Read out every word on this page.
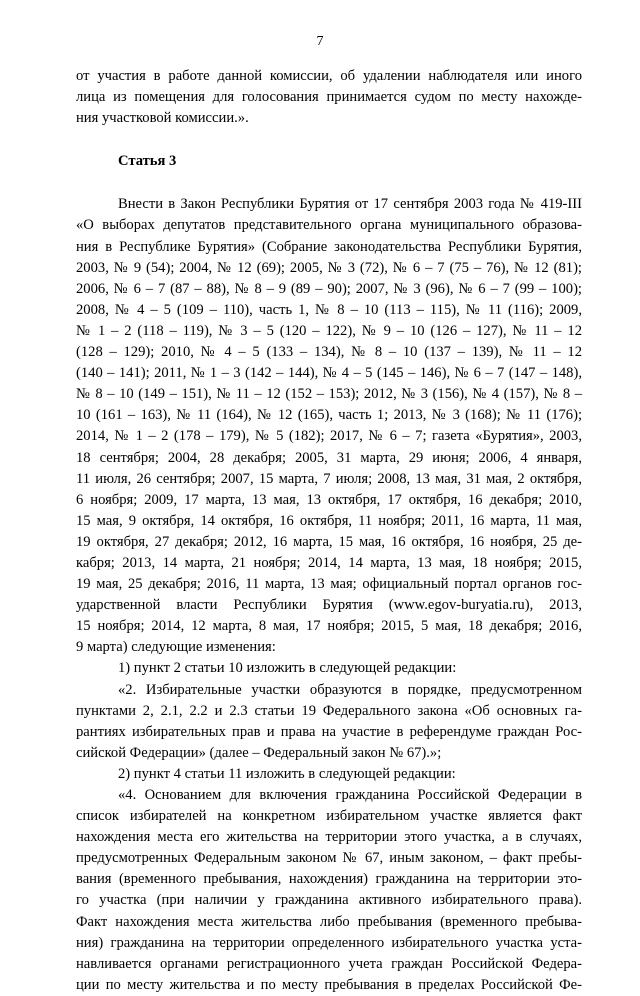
7
от участия в работе данной комиссии, об удалении наблюдателя или иного
лица из помещения для голосования принимается судом по месту нахожде-
ния участковой комиссии.».
Статья 3
Внести в Закон Республики Бурятия от 17 сентября 2003 года № 419-III
«О выборах депутатов представительного органа муниципального образова-
ния в Республике Бурятия» (Собрание законодательства Республики Бурятия,
2003, № 9 (54); 2004, № 12 (69); 2005, № 3 (72), № 6 – 7 (75 – 76), № 12 (81);
2006, № 6 – 7 (87 – 88), № 8 – 9 (89 – 90); 2007, № 3 (96), № 6 – 7 (99 – 100);
2008, № 4 – 5 (109 – 110), часть 1, № 8 – 10 (113 – 115), № 11 (116); 2009,
№ 1 – 2 (118 – 119), № 3 – 5 (120 – 122), № 9 – 10 (126 – 127), № 11 – 12
(128 – 129); 2010, № 4 – 5 (133 – 134), № 8 – 10 (137 – 139), № 11 – 12
(140 – 141); 2011, № 1 – 3 (142 – 144), № 4 – 5 (145 – 146), № 6 – 7 (147 – 148),
№ 8 – 10 (149 – 151), № 11 – 12 (152 – 153); 2012, № 3 (156), № 4 (157), № 8 –
10 (161 – 163), № 11 (164), № 12 (165), часть 1; 2013, № 3 (168); № 11 (176);
2014, № 1 – 2 (178 – 179), № 5 (182); 2017, № 6 – 7; газета «Бурятия», 2003,
18 сентября; 2004, 28 декабря; 2005, 31 марта, 29 июня; 2006, 4 января,
11 июля, 26 сентября; 2007, 15 марта, 7 июля; 2008, 13 мая, 31 мая, 2 октября,
6 ноября; 2009, 17 марта, 13 мая, 13 октября, 17 октября, 16 декабря; 2010,
15 мая, 9 октября, 14 октября, 16 октября, 11 ноября; 2011, 16 марта, 11 мая,
19 октября, 27 декабря; 2012, 16 марта, 15 мая, 16 октября, 16 ноября, 25 де-
кабря; 2013, 14 марта, 21 ноября; 2014, 14 марта, 13 мая, 18 ноября; 2015,
19 мая, 25 декабря; 2016, 11 марта, 13 мая; официальный портал органов гос-
ударственной власти Республики Бурятия (www.egov-buryatia.ru), 2013,
15 ноября; 2014, 12 марта, 8 мая, 17 ноября; 2015, 5 мая, 18 декабря; 2016,
9 марта) следующие изменения:
1) пункт 2 статьи 10 изложить в следующей редакции:
«2. Избирательные участки образуются в порядке, предусмотренном
пунктами 2, 2.1, 2.2 и 2.3 статьи 19 Федерального закона «Об основных га-
рантиях избирательных прав и права на участие в референдуме граждан Рос-
сийской Федерации» (далее – Федеральный закон № 67).»;
2) пункт 4 статьи 11 изложить в следующей редакции:
«4. Основанием для включения гражданина Российской Федерации в
список избирателей на конкретном избирательном участке является факт
нахождения места его жительства на территории этого участка, а в случаях,
предусмотренных Федеральным законом № 67, иным законом, – факт пребы-
вания (временного пребывания, нахождения) гражданина на территории это-
го участка (при наличии у гражданина активного избирательного права).
Факт нахождения места жительства либо пребывания (временного пребыва-
ния) гражданина на территории определенного избирательного участка уста-
навливается органами регистрационного учета граждан Российской Федера-
ции по месту жительства и по месту пребывания в пределах Российской Фе-
